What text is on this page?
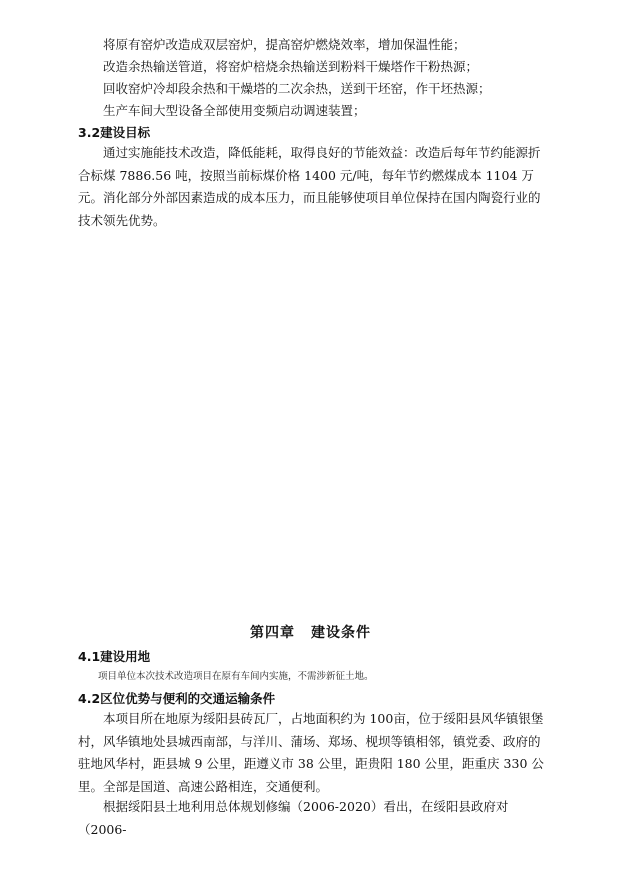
将原有窑炉改造成双层窑炉，提高窑炉燃烧效率，增加保温性能；

改造余热输送管道，将窑炉棓烧余热输送到粉料干燥塔作干粉热源；

回收窑炉冷却段余热和干燥塔的二次余热，送到干坯窑，作干坯热源；

生产车间大型设备全部使用变频启动调速装置；

3.2建设目标

通过实施能技术改造，降低能耗，取得良好的节能效益：改造后每年节约能源折合标煤 7886.56 吨，按照当前标煤价格 1400 元/吨，每年节约燃煤成本 1104 万元。消化部分外部因素造成的成本压力，而且能够使项目单位保持在国内陶瓷行业的技术领先优势。

第四章 建设条件
4.1建设用地

项目单位本次技术改造项目在原有车间内实施，不需涉新征土地。

4.2区位优势与便利的交通运输条件

本项目所在地原为绥阳县砖瓦厂，占地面积约为 100亩，位于绥阳县风华镇银堡村，风华镇地处县城西南部，与洋川、蒲场、郑场、枧坝等镇相邻，镇党委、政府的驻地风华村，距县城 9 公里，距遵义市 38 公里，距贵阳 180 公里，距重庆 330 公里。全部是国道、高速公路相连，交通便利。

根据绥阳县土地利用总体规划修编（2006-2020）看出，在绥阳县政府对（2006-
